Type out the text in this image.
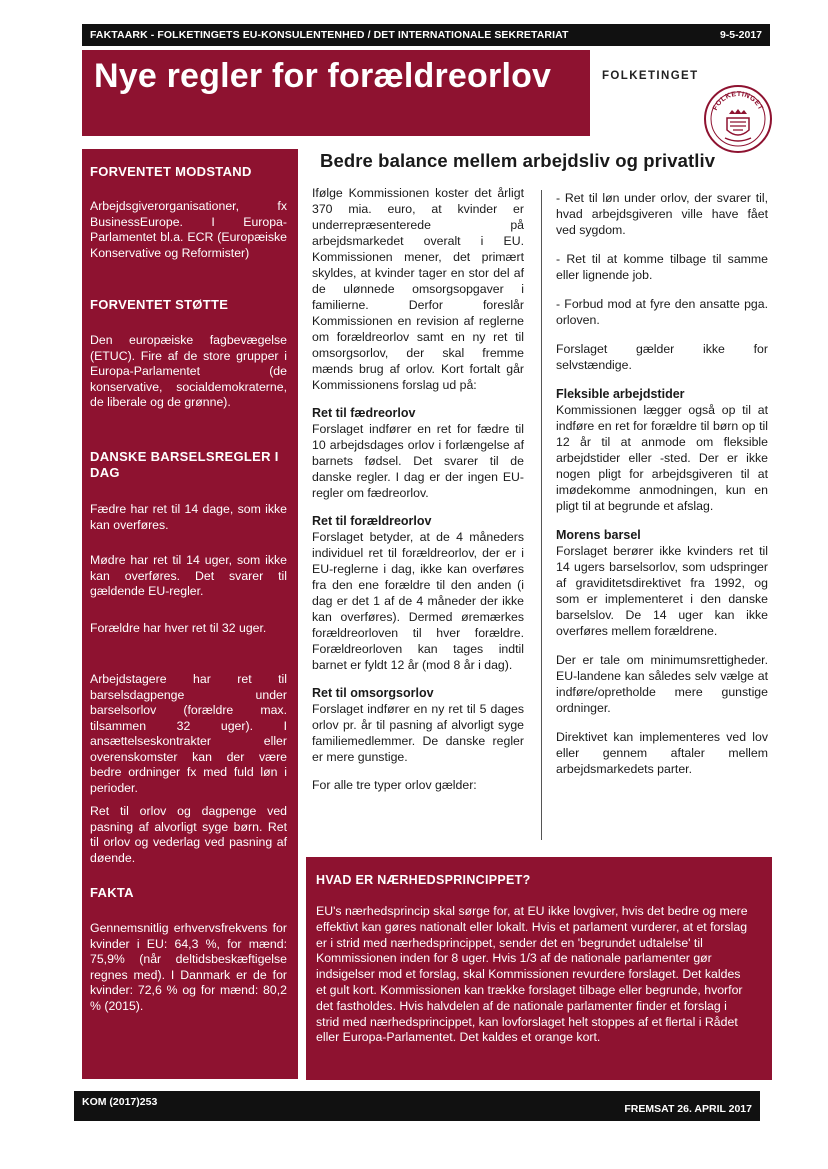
FAKTAARK - FOLKETINGETS EU-KONSULENTENHED / DET INTERNATIONALE SEKRETARIAT	9-5-2017
Nye regler for forældreorlov	FOLKETINGET
FOLKETINGET
FORVENTET MODSTAND
Arbejdsgiverorganisationer, fx BusinessEurope. I Europa-Parlamentet bl.a. ECR (Europæiske Konservative og Reformister)
FORVENTET STØTTE
Den europæiske fagbevægelse (ETUC). Fire af de store grupper i Europa-Parlamentet (de konservative, socialdemokraterne, de liberale og de grønne).
DANSKE BARSELSREGLER I DAG
Fædre har ret til 14 dage, som ikke kan overføres.
Mødre har ret til 14 uger, som ikke kan overføres. Det svarer til gældende EU-regler.
Forældre har hver ret til 32 uger.
Arbejdstagere har ret til barselsdagpenge under barselsorlov (forældre max. tilsammen 32 uger). I ansættelseskontrakter eller overenskomster kan der være bedre ordninger fx med fuld løn i perioder.
Ret til orlov og dagpenge ved pasning af alvorligt syge børn. Ret til orlov og vederlag ved pasning af døende.
FAKTA
Gennemsnitlig erhvervsfrekvens for kvinder i EU: 64,3 %, for mænd: 75,9% (når deltidsbeskæftigelse regnes med). I Danmark er de for kvinder: 72,6 % og for mænd: 80,2 % (2015).
Bedre balance mellem arbejdsliv og privatliv

Ifølge Kommissionen koster det årligt 370 mia. euro, at kvinder er underrepræsenterede på arbejdsmarkedet overalt i EU. Kommissionen mener, det primært skyldes, at kvinder tager en stor del af de ulønnede omsorgsopgaver i familierne. Derfor foreslår Kommissionen en revision af reglerne om forældreorlov samt en ny ret til omsorgsorlov, der skal fremme mænds brug af orlov. Kort fortalt går Kommissionens forslag ud på:

Ret til fædreorlov

Forslaget indfører en ret for fædre til 10 arbejdsdages orlov i forlængelse af barnets fødsel. Det svarer til de danske regler. I dag er der ingen EU-regler om fædreorlov.

Ret til forældreorlov

Forslaget betyder, at de 4 måneders individuel ret til forældreorlov, der er i EU-reglerne i dag, ikke kan overføres fra den ene forældre til den anden (i dag er det 1 af de 4 måneder der ikke kan overføres). Dermed øremærkes forældreorloven til hver forældre. Forældreorloven kan tages indtil barnet er fyldt 12 år (mod 8 år i dag).

Ret til omsorgsorlov

Forslaget indfører en ny ret til 5 dages orlov pr. år til pasning af alvorligt syge familiemedlemmer. De danske regler er mere gunstige.

For alle tre typer orlov gælder:

- Ret til løn under orlov, der svarer til, hvad arbejdsgiveren ville have fået ved sygdom.

- Ret til at komme tilbage til samme eller lignende job.

- Forbud mod at fyre den ansatte pga. orloven.

Forslaget gælder ikke for selvstændige.

Fleksible arbejdstider

Kommissionen lægger også op til at indføre en ret for forældre til børn op til 12 år til at anmode om fleksible arbejdstider eller -sted. Der er ikke nogen pligt for arbejdsgiveren til at imødekomme anmodningen, kun en pligt til at begrunde et afslag.

Morens barsel

Forslaget berører ikke kvinders ret til 14 ugers barselsorlov, som udspringer af graviditetsdirektivet fra 1992, og som er implementeret i den danske barselslov. De 14 uger kan ikke overføres mellem forældrene.

Der er tale om minimumsrettigheder. EU-landene kan således selv vælge at indføre/opretholde mere gunstige ordninger.

Direktivet kan implementeres ved lov eller gennem aftaler mellem arbejdsmarkedets parter.

HVAD ER NÆRHEDSPRINCIPPET?
EU's nærhedsprincip skal sørge for, at EU ikke lovgiver, hvis det bedre og mere effektivt kan gøres nationalt eller lokalt. Hvis et parlament vurderer, at et forslag er i strid med nærhedsprincippet, sender det en 'begrundet udtalelse' til Kommissionen inden for 8 uger. Hvis 1/3 af de nationale parlamenter gør indsigelser mod et forslag, skal Kommissionen revurdere forslaget. Det kaldes et gult kort. Kommissionen kan trække forslaget tilbage eller begrunde, hvorfor det fastholdes. Hvis halvdelen af de nationale parlamenter finder et forslag i strid med nærhedsprincippet, kan lovforslaget helt stoppes af et flertal i Rådet eller Europa-Parlamentet. Det kaldes et orange kort.
KOM (2017)253
FREMSAT 26. APRIL 2017
